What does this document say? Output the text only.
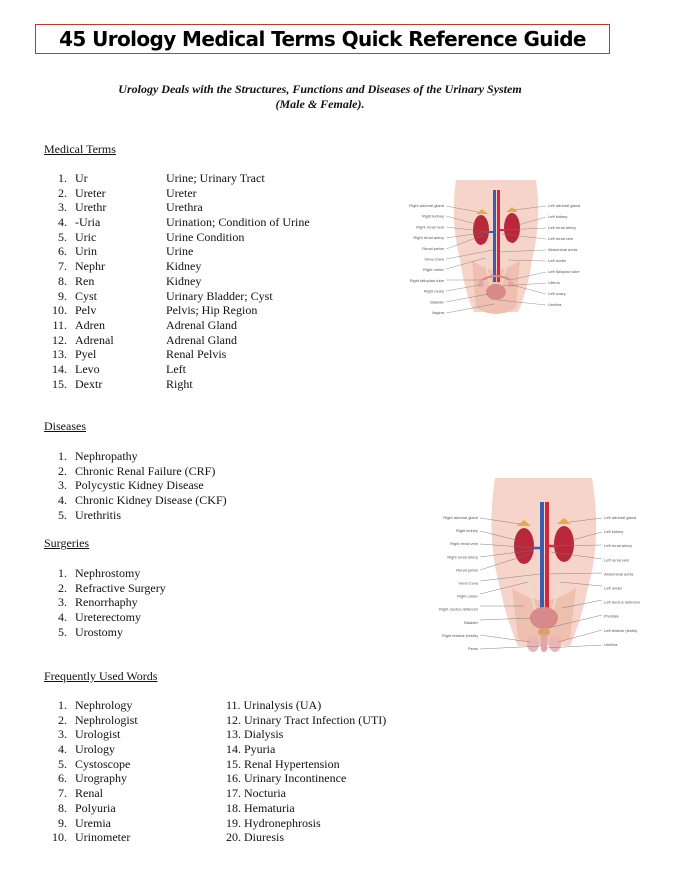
45 Urology Medical Terms Quick Reference Guide
Urology Deals with the Structures, Functions and Diseases of the Urinary System
(Male & Female).
Medical Terms
1. Ur	Urine; Urinary Tract
2. Ureter	Ureter
3. Urethr	Urethra
4. -Uria	Urination; Condition of Urine
5. Uric	Urine Condition
6. Urin	Urine
7. Nephr	Kidney
8. Ren	Kidney
9. Cyst	Urinary Bladder; Cyst
10. Pelv	Pelvis; Hip Region
11. Adren	Adrenal Gland
12. Adrenal	Adrenal Gland
13. Pyel	Renal Pelvis
14. Levo	Left
15. Dextr	Right
Diseases
1. Nephropathy
2. Chronic Renal Failure (CRF)
3. Polycystic Kidney Disease
4. Chronic Kidney Disease (CKF)
5. Urethritis
Surgeries
1. Nephrostomy
2. Refractive Surgery
3. Renorrhaphy
4. Ureterectomy
5. Urostomy
Frequently Used Words
1. Nephrology
2. Nephrologist
3. Urologist
4. Urology
5. Cystoscope
6. Urography
7. Renal
8. Polyuria
9. Uremia
10. Urinometer
11. Urinalysis (UA)
12. Urinary Tract Infection (UTI)
13. Dialysis
14. Pyuria
15. Renal Hypertension
16. Urinary Incontinence
17. Nocturia
18. Hematuria
19. Hydronephrosis
20. Diuresis
Right adrenal gland
Right kidney
Right renal vein
Right renal artery
Renal pelvis
Vena Cava
Right ureter
Right fallopian tube
Right ovary
Bladder
Vagina
Left adrenal gland
Left kidney
Left renal artery
Left renal vein
Abdominal aorta
Left ureter
Left fallopian tube
Uterus
Left ovary
Urethra
Right adrenal gland
Right kidney
Right renal vein
Right renal artery
Renal pelvis
Vena Cava
Right ureter
Right ductus deferens
Bladder
Right testicle (testis)
Penis
Left adrenal gland
Left kidney
Left renal artery
Left renal vein
Abdominal aorta
Left ureter
Left ductus deferens
Prostate
Left testicle (testis)
Urethra
